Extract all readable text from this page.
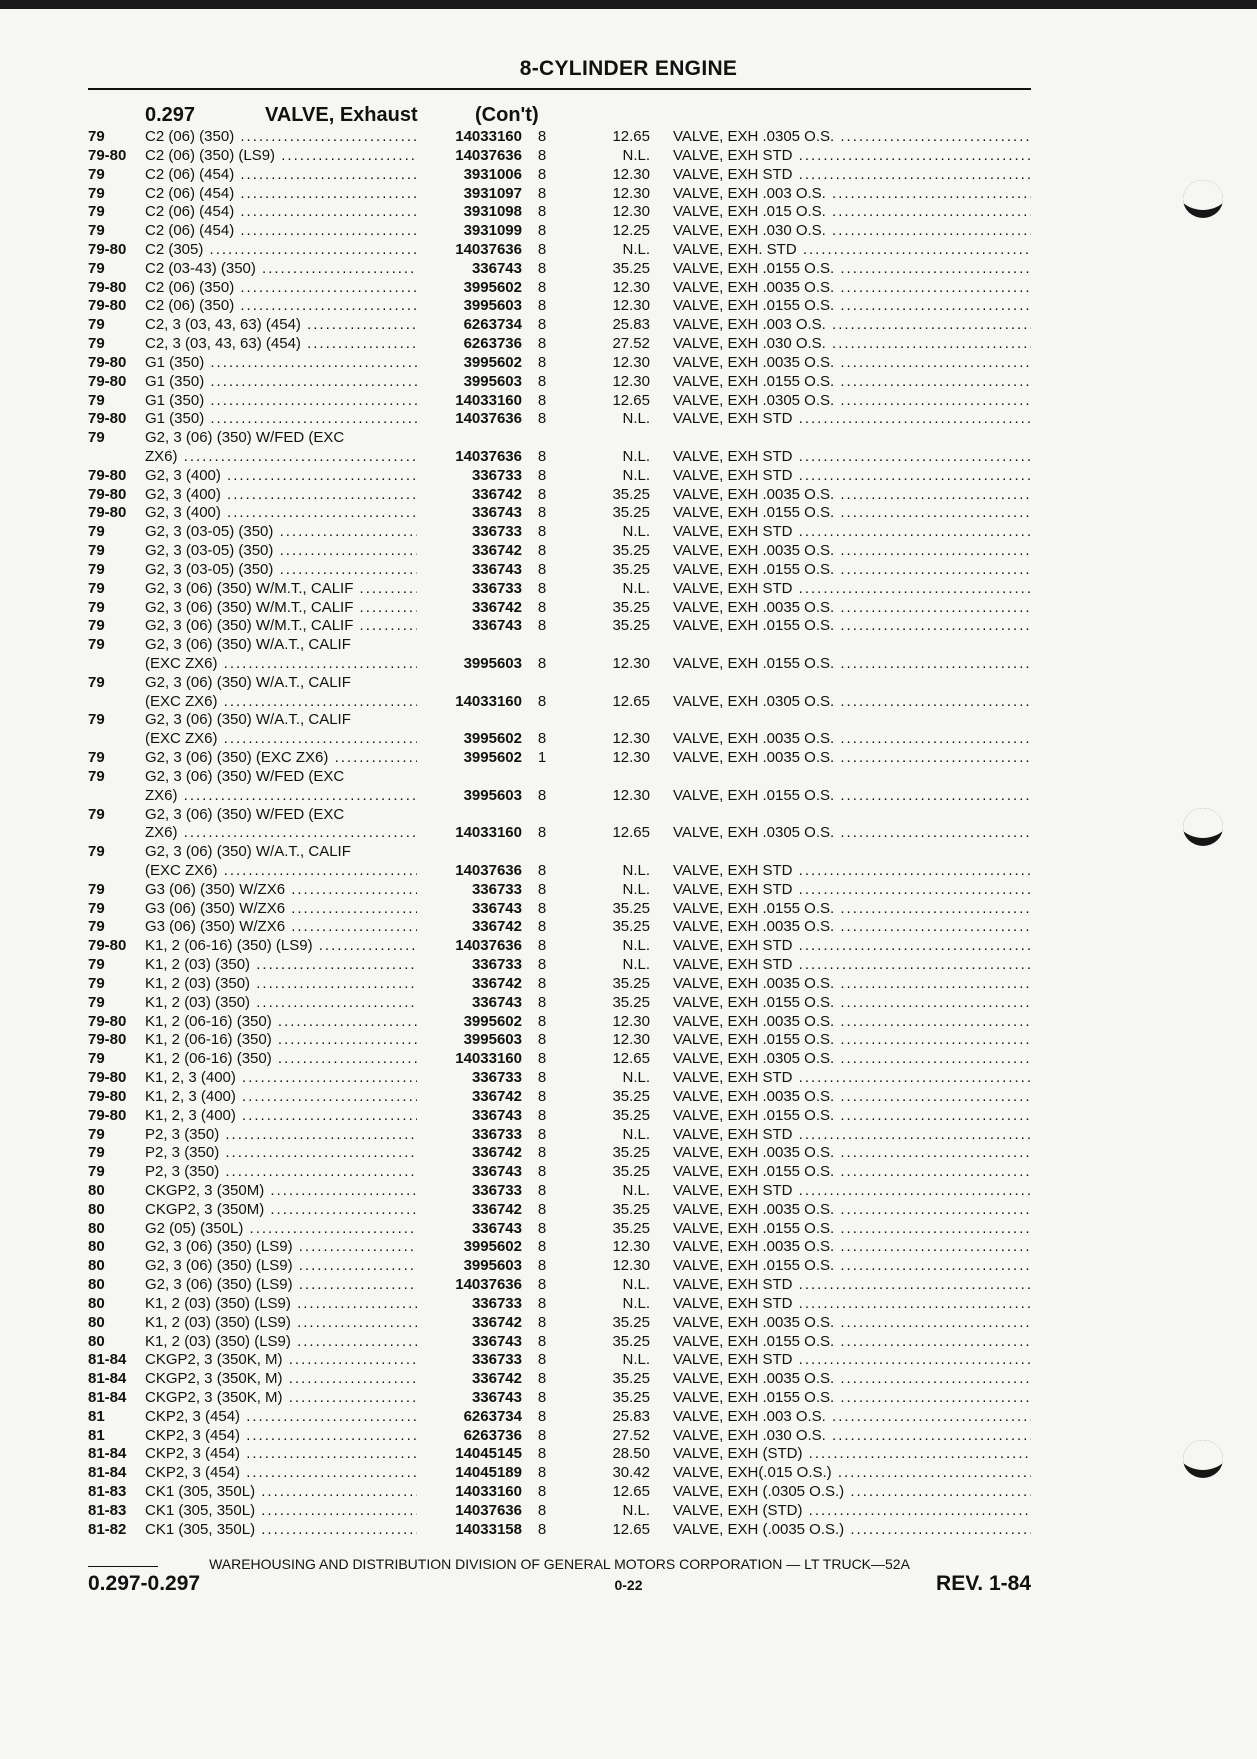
8-CYLINDER ENGINE
0.297	VALVE, Exhaust	(Con't)
79	C2 (06) (350) .....	14033160 8	12.65 VALVE, EXH .0305 O.S. .....
79-80 C2 (06) (350) (LS9) .....	14037636 8	N.L. VALVE, EXH STD .....
79	C2 (06) (454) .....	3931006 8	12.30 VALVE, EXH STD .....
79	C2 (06) (454) .....	3931097 8	12.30 VALVE, EXH .003 O.S. .....
79	C2 (06) (454) .....	3931098 8	12.30 VALVE, EXH .015 O.S. .....
79	C2 (06) (454) .....	3931099 8	12.25 VALVE, EXH .030 O.S. .....
79-80 C2 (305) .....	14037636 8	N.L. VALVE, EXH. STD .....
79	C2 (03-43) (350) .....	336743 8	35.25 VALVE, EXH .0155 O.S. .....
79-80 C2 (06) (350) .....	3995602 8	12.30 VALVE, EXH .0035 O.S. .....
79-80 C2 (06) (350) .....	3995603 8	12.30 VALVE, EXH .0155 O.S. .....
79	C2, 3 (03, 43, 63) (454) .....	6263734 8	25.83 VALVE, EXH .003 O.S. .....
79	C2, 3 (03, 43, 63) (454) .....	6263736 8	27.52 VALVE, EXH .030 O.S. .....
79-80 G1 (350) .....	3995602 8	12.30 VALVE, EXH .0035 O.S. .....
79-80 G1 (350) .....	3995603 8	12.30 VALVE, EXH .0155 O.S. .....
79	G1 (350) .....	14033160 8	12.65 VALVE, EXH .0305 O.S. .....
79-80 G1 (350) .....	14037636 8	N.L. VALVE, EXH STD .....
79	G2, 3 (06) (350) W/FED (EXC
ZX6) .....	14037636 8	N.L. VALVE, EXH STD .....
79-80 G2, 3 (400) .....	336733 8	N.L. VALVE, EXH STD .....
79-80 G2, 3 (400) .....	336742 8	35.25 VALVE, EXH .0035 O.S. .....
79-80 G2, 3 (400) .....	336743 8	35.25 VALVE, EXH .0155 O.S. .....
79	G2, 3 (03-05) (350) .....	336733 8	N.L. VALVE, EXH STD .....
79	G2, 3 (03-05) (350) .....	336742 8	35.25 VALVE, EXH .0035 O.S. .....
79	G2, 3 (03-05) (350) .....	336743 8	35.25 VALVE, EXH .0155 O.S. .....
79	G2, 3 (06) (350) W/M.T., CALIF .....	336733 8	N.L. VALVE, EXH STD .....
79	G2, 3 (06) (350) W/M.T., CALIF .....	336742 8	35.25 VALVE, EXH .0035 O.S. .....
79	G2, 3 (06) (350) W/M.T., CALIF .....	336743 8	35.25 VALVE, EXH .0155 O.S. .....
79	G2, 3 (06) (350) W/A.T., CALIF
(EXC ZX6) .....	3995603 8	12.30 VALVE, EXH .0155 O.S. .....
79	G2, 3 (06) (350) W/A.T., CALIF
(EXC ZX6) .....	14033160 8	12.65 VALVE, EXH .0305 O.S. .....
79	G2, 3 (06) (350) W/A.T., CALIF
(EXC ZX6) .....	3995602 8	12.30 VALVE, EXH .0035 O.S. .....
79	G2, 3 (06) (350) (EXC ZX6) .....	3995602 1	12.30 VALVE, EXH .0035 O.S. .....
79	G2, 3 (06) (350) W/FED (EXC
ZX6) .....	3995603 8	12.30 VALVE, EXH .0155 O.S. .....
79	G2, 3 (06) (350) W/FED (EXC
ZX6) .....	14033160 8	12.65 VALVE, EXH .0305 O.S. .....
79	G2, 3 (06) (350) W/A.T., CALIF
(EXC ZX6) .....	14037636 8	N.L. VALVE, EXH STD .....
79	G3 (06) (350) W/ZX6 .....	336733 8	N.L. VALVE, EXH STD .....
79	G3 (06) (350) W/ZX6 .....	336743 8	35.25 VALVE, EXH .0155 O.S. .....
79	G3 (06) (350) W/ZX6 .....	336742 8	35.25 VALVE, EXH .0035 O.S. .....
79-80 K1, 2 (06-16) (350) (LS9) .....	14037636 8	N.L. VALVE, EXH STD .....
79	K1, 2 (03) (350) .....	336733 8	N.L. VALVE, EXH STD .....
79	K1, 2 (03) (350) .....	336742 8	35.25 VALVE, EXH .0035 O.S. .....
79	K1, 2 (03) (350) .....	336743 8	35.25 VALVE, EXH .0155 O.S. .....
79-80 K1, 2 (06-16) (350) .....	3995602 8	12.30 VALVE, EXH .0035 O.S. .....
79-80 K1, 2 (06-16) (350) .....	3995603 8	12.30 VALVE, EXH .0155 O.S. .....
79	K1, 2 (06-16) (350) .....	14033160 8	12.65 VALVE, EXH .0305 O.S. .....
79-80 K1, 2, 3 (400) .....	336733 8	N.L. VALVE, EXH STD .....
79-80 K1, 2, 3 (400) .....	336742 8	35.25 VALVE, EXH .0035 O.S. .....
79-80 K1, 2, 3 (400) .....	336743 8	35.25 VALVE, EXH .0155 O.S. .....
79	P2, 3 (350) .....	336733 8	N.L. VALVE, EXH STD .....
79	P2, 3 (350) .....	336742 8	35.25 VALVE, EXH .0035 O.S. .....
79	P2, 3 (350) .....	336743 8	35.25 VALVE, EXH .0155 O.S. .....
80	CKGP2, 3 (350M) .....	336733 8	N.L. VALVE, EXH STD .....
80	CKGP2, 3 (350M) .....	336742 8	35.25 VALVE, EXH .0035 O.S. .....
80	G2 (05) (350L) .....	336743 8	35.25 VALVE, EXH .0155 O.S. .....
80	G2, 3 (06) (350) (LS9) .....	3995602 8	12.30 VALVE, EXH .0035 O.S. .....
80	G2, 3 (06) (350) (LS9) .....	3995603 8	12.30 VALVE, EXH .0155 O.S. .....
80	G2, 3 (06) (350) (LS9) .....	14037636 8	N.L. VALVE, EXH STD .....
80	K1, 2 (03) (350) (LS9) .....	336733 8	N.L. VALVE, EXH STD .....
80	K1, 2 (03) (350) (LS9) .....	336742 8	35.25 VALVE, EXH .0035 O.S. .....
80	K1, 2 (03) (350) (LS9) .....	336743 8	35.25 VALVE, EXH .0155 O.S. .....
81-84 CKGP2, 3 (350K, M) .....	336733 8	N.L. VALVE, EXH STD .....
81-84 CKGP2, 3 (350K, M) .....	336742 8	35.25 VALVE, EXH .0035 O.S. .....
81-84 CKGP2, 3 (350K, M) .....	336743 8	35.25 VALVE, EXH .0155 O.S. .....
81	CKP2, 3 (454) .....	6263734 8	25.83 VALVE, EXH .003 O.S. .....
81	CKP2, 3 (454) .....	6263736 8	27.52 VALVE, EXH .030 O.S. .....
81-84 CKP2, 3 (454) .....	14045145 8	28.50 VALVE, EXH (STD) .....
81-84 CKP2, 3 (454) .....	14045189 8	30.42 VALVE, EXH(.015 O.S.) .....
81-83 CK1 (305, 350L) .....	14033160 8	12.65 VALVE, EXH (.0305 O.S.) .....
81-83 CK1 (305, 350L) .....	14037636 8	N.L. VALVE, EXH (STD) .....
81-82 CK1 (305, 350L) .....	14033158 8	12.65 VALVE, EXH (.0035 O.S.) .....
WAREHOUSING AND DISTRIBUTION DIVISION OF GENERAL MOTORS CORPORATION — LT TRUCK—52A
0.297-0.297	0-22	REV. 1-84
